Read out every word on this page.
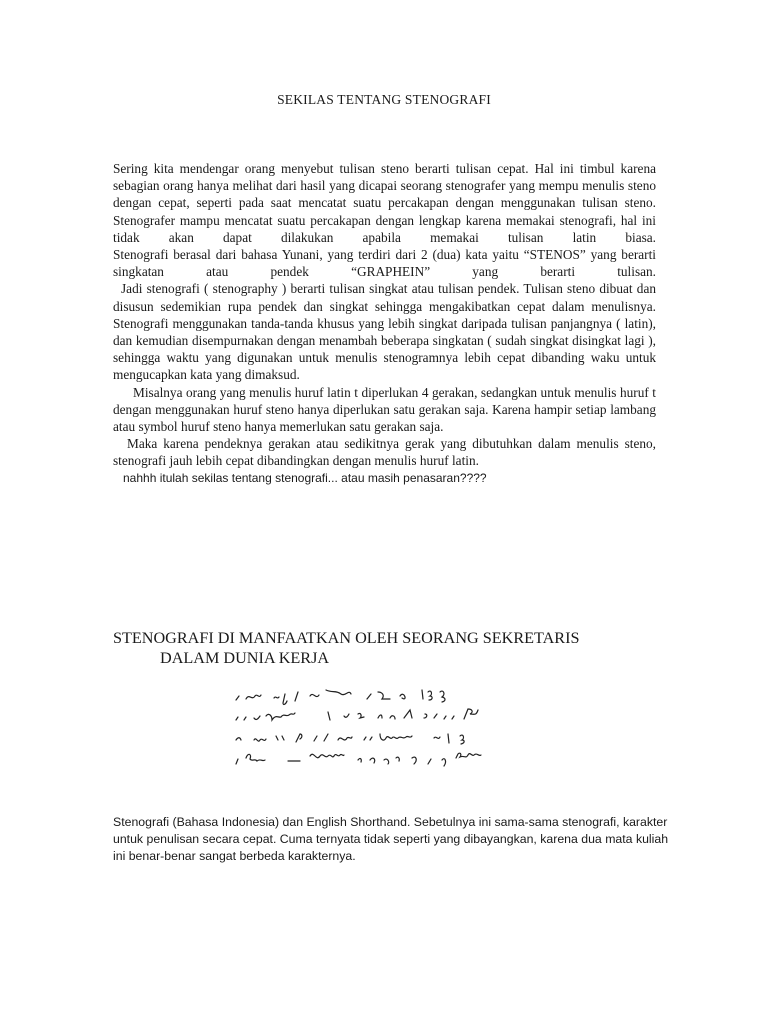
SEKILAS TENTANG STENOGRAFI

Sering kita mendengar orang menyebut tulisan steno berarti tulisan cepat. Hal ini timbul karena sebagian orang hanya melihat dari hasil yang dicapai seorang stenografer yang mempu menulis steno dengan cepat, seperti pada saat mencatat suatu percakapan dengan menggunakan tulisan steno. Stenografer mampu mencatat suatu percakapan dengan lengkap karena memakai stenografi, hal ini tidak akan dapat dilakukan apabila memakai tulisan latin biasa.

Stenografi berasal dari bahasa Yunani, yang terdiri dari 2 (dua) kata yaitu “STENOS” yang berarti singkatan atau pendek “GRAPHEIN” yang berarti tulisan.

Jadi stenografi ( stenography ) berarti tulisan singkat atau tulisan pendek. Tulisan steno dibuat dan disusun sedemikian rupa pendek dan singkat sehingga mengakibatkan cepat dalam menulisnya. Stenografi menggunakan tanda-tanda khusus yang lebih singkat daripada tulisan panjangnya ( latin), dan kemudian disempurnakan dengan menambah beberapa singkatan ( sudah singkat disingkat lagi ), sehingga waktu yang digunakan untuk menulis stenogramnya lebih cepat dibanding waku untuk mengucapkan kata yang dimaksud.

Misalnya orang yang menulis huruf latin t diperlukan 4 gerakan, sedangkan untuk menulis huruf t dengan menggunakan huruf steno hanya diperlukan satu gerakan saja. Karena hampir setiap lambang atau symbol huruf steno hanya memerlukan satu gerakan saja.

Maka karena pendeknya gerakan atau sedikitnya gerak yang dibutuhkan dalam menulis steno, stenografi jauh lebih cepat dibandingkan dengan menulis huruf latin.

nahhh itulah sekilas tentang stenografi... atau masih penasaran????

STENOGRAFI DI MANFAATKAN OLEH SEORANG SEKRETARIS
DALAM DUNIA KERJA

Stenografi (Bahasa Indonesia) dan English Shorthand. Sebetulnya ini sama-sama stenografi, karakter untuk penulisan secara cepat. Cuma ternyata tidak seperti yang dibayangkan, karena dua mata kuliah ini benar-benar sangat berbeda karakternya.
